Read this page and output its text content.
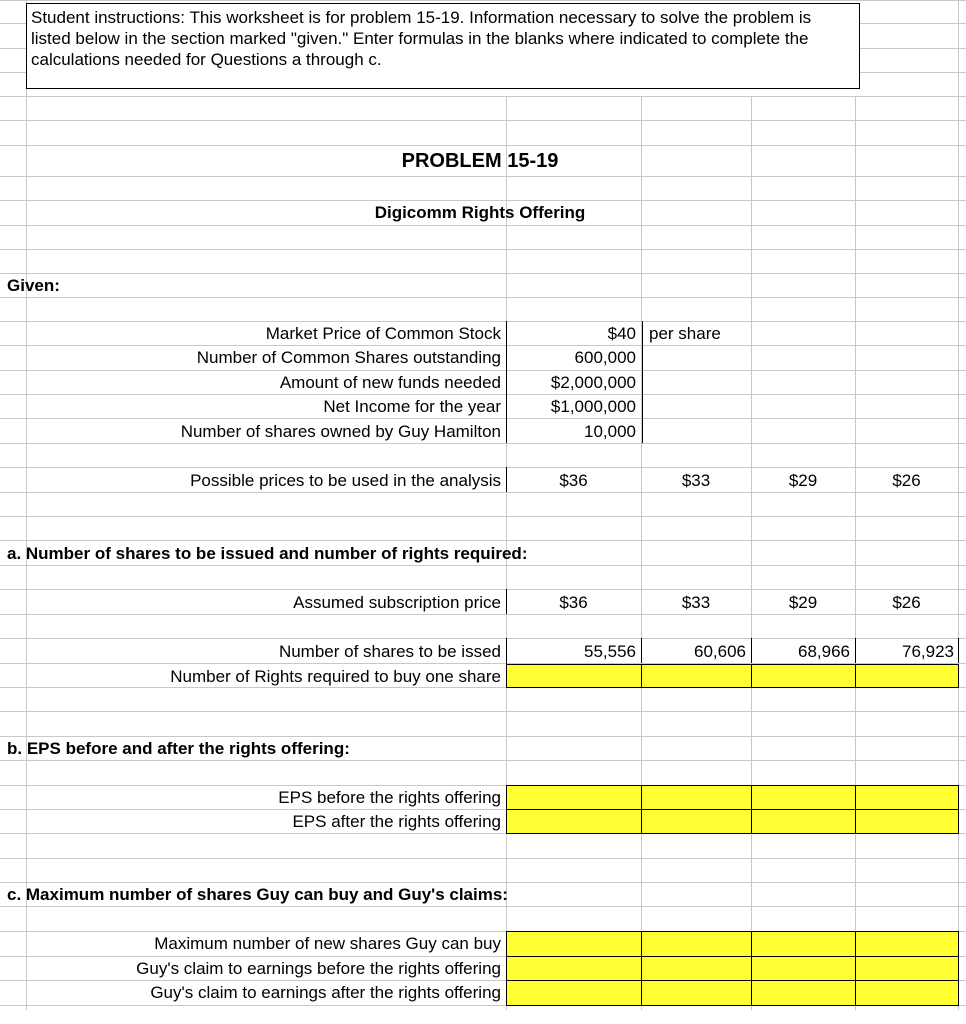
Student instructions: This worksheet is for problem 15-19. Information necessary to solve the problem is listed below in the section marked "given." Enter formulas in the blanks where indicated to complete the calculations needed for Questions a through c.
PROBLEM 15-19
Digicomm Rights Offering
Given:
Market Price of Common Stock	$40 per share
Number of Common Shares outstanding	600,000
Amount of new funds needed	$2,000,000
Net Income for the year	$1,000,000
Number of shares owned by Guy Hamilton	10,000
Possible prices to be used in the analysis	$36	$33	$29	$26
a. Number of shares to be issued and number of rights required:
Assumed subscription price	$36	$33	$29	$26
Number of shares to be issed	55,556	60,606	68,966	76,923
Number of Rights required to buy one share
b. EPS before and after the rights offering:
EPS before the rights offering
EPS after the rights offering
c. Maximum number of shares Guy can buy and Guy's claims:
Maximum number of new shares Guy can buy
Guy's claim to earnings before the rights offering
Guy's claim to earnings after the rights offering
